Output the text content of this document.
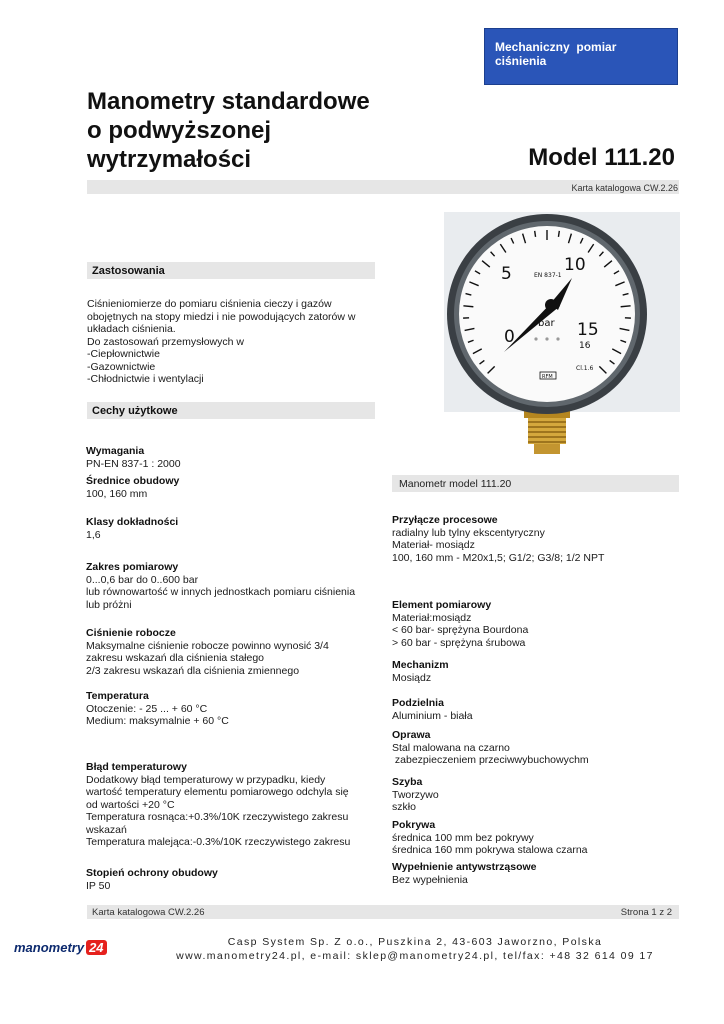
Mechaniczny  pomiar
ciśnienia
Manometry standardowe
o podwyższonej
wytrzymałości	Model 111.20
Karta katalogowa CW.2.26
5	10
0	15
16
EN 837-1
bar
Cl.1.6
RFM
Zastosowania
Ciśnieniomierze do pomiaru ciśnienia cieczy i gazów
obojętnych na stopy miedzi i nie powodujących zatorów w
układach ciśnienia.
Do zastosowań przemysłowych w
-Ciepłownictwie
-Gazownictwie
-Chłodnictwie i wentylacji
Cechy użytkowe
Wymagania
PN-EN 837-1 : 2000
Średnice obudowy
100, 160 mm
Klasy dokładności
1,6
Zakres pomiarowy
0...0,6 bar do 0..600 bar
lub równowartość w innych jednostkach pomiaru ciśnienia
lub próżni
Ciśnienie robocze
Maksymalne ciśnienie robocze powinno wynosić 3/4
zakresu wskazań dla ciśnienia stałego
2/3 zakresu wskazań dla ciśnienia zmiennego
Temperatura
Otoczenie: - 25 ... + 60 °C
Medium: maksymalnie + 60 °C
Błąd temperaturowy
Dodatkowy błąd temperaturowy w przypadku, kiedy
wartość temperatury elementu pomiarowego odchyla się
od wartości +20 °C
Temperatura rosnąca:+0.3%/10K rzeczywistego zakresu
wskazań
Temperatura malejąca:-0.3%/10K rzeczywistego zakresu
Stopień ochrony obudowy
IP 50
Manometr model 111.20
Przyłącze procesowe
radialny lub tylny ekscentyryczny
Materiał- mosiądz
100, 160 mm - M20x1,5; G1/2; G3/8; 1/2 NPT
Element pomiarowy
Materiał:mosiądz
< 60 bar- sprężyna Bourdona
> 60 bar - sprężyna śrubowa
Mechanizm
Mosiądz
Podzielnia
Aluminium - biała
Oprawa
Stal malowana na czarno
zabezpieczeniem przeciwwybuchowychm
Szyba
Tworzywo
szkło
Pokrywa
średnica 100 mm bez pokrywy
średnica 160 mm pokrywa stalowa czarna
Wypełnienie antywstrząsowe
Bez wypełnienia
Karta katalogowa CW.2.26	Strona 1 z 2
manometry 24	Casp System Sp. Z o.o., Puszkina 2, 43-603 Jaworzno, Polska
www.manometry24.pl, e-mail: sklep@manometry24.pl, tel/fax: +48 32 614 09 17
